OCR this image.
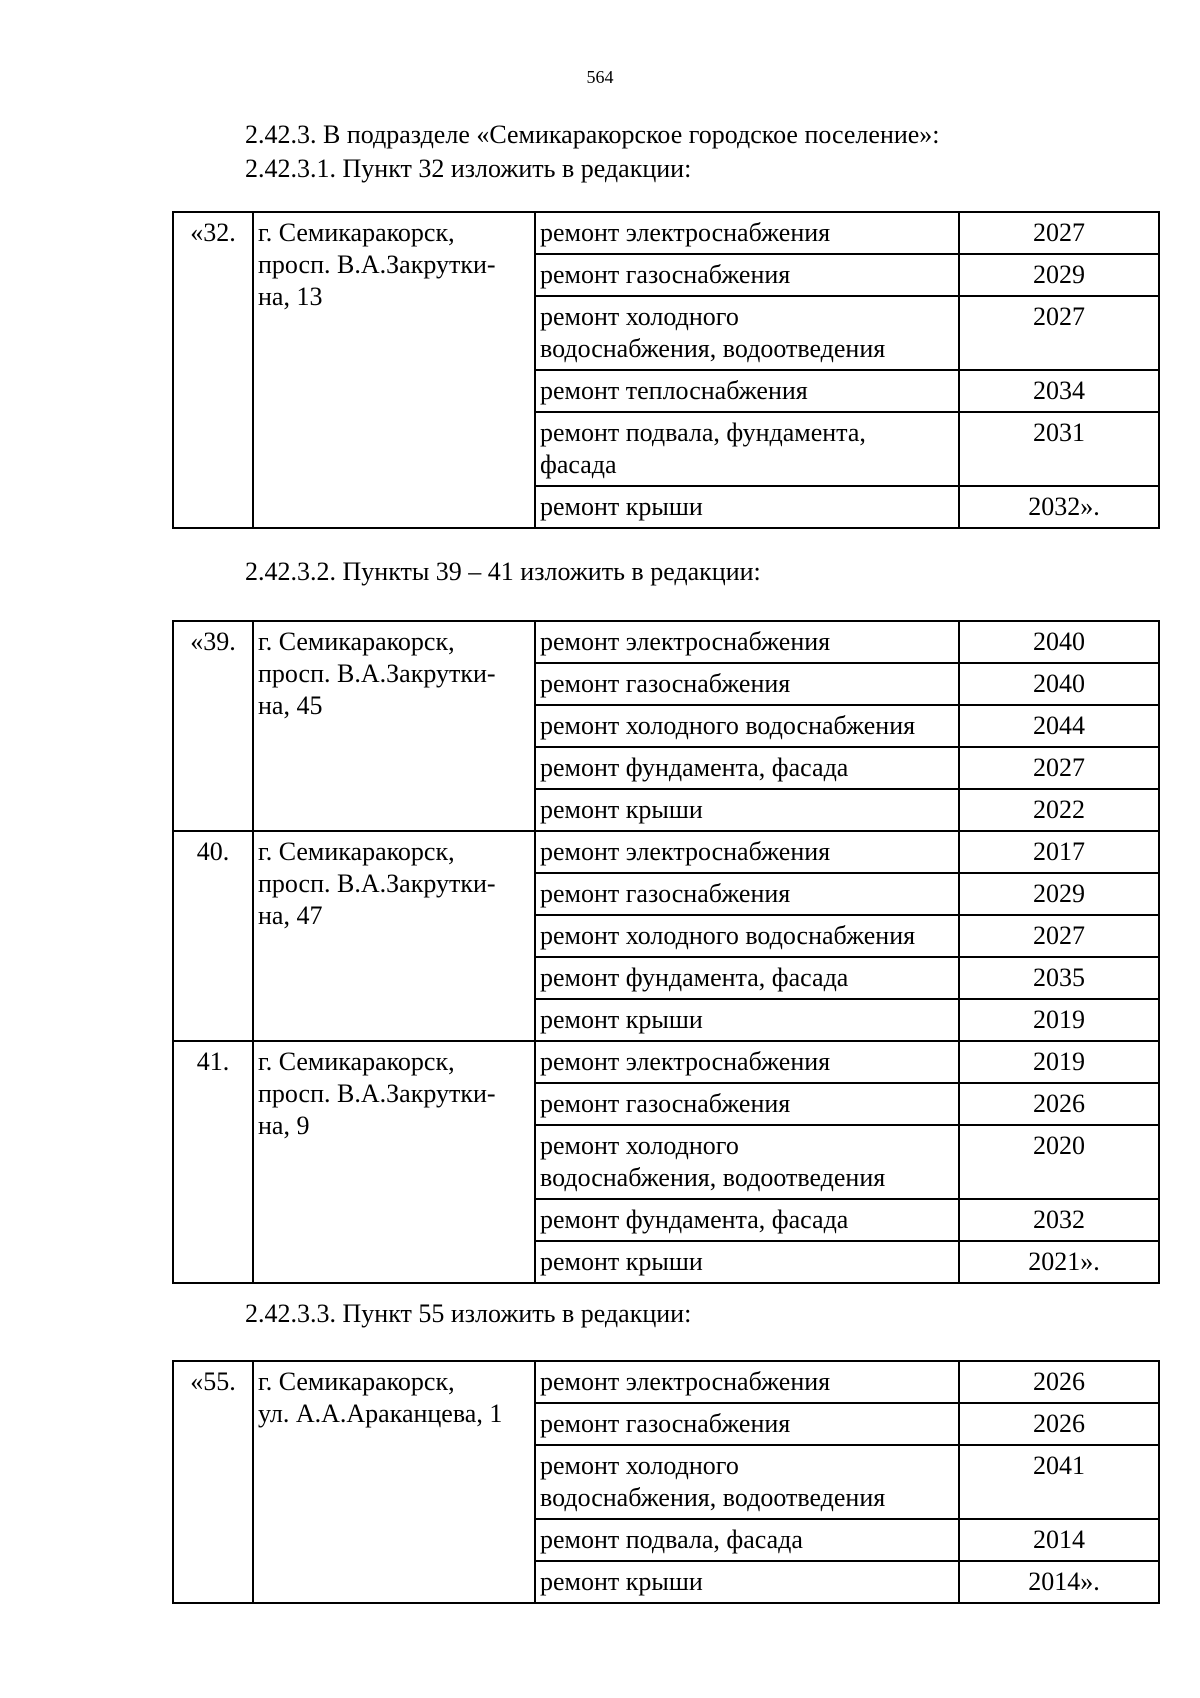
564
2.42.3. В подразделе «Семикаракорское городское поселение»:
2.42.3.1. Пункт 32 изложить в редакции:
«32.	г. Семикаракорск,
просп. В.А.Закрутки-
на, 13	ремонт электроснабжения	2027

		ремонт газоснабжения	2029

		ремонт холодного
водоснабжения, водоотведения	2027

		ремонт теплоснабжения	2034

		ремонт подвала, фундамента,
фасада	2031

		ремонт крыши	2032».
2.42.3.2. Пункты 39 – 41 изложить в редакции:
«39.	г. Семикаракорск,
просп. В.А.Закрутки-
на, 45	ремонт электроснабжения	2040

		ремонт газоснабжения	2040

		ремонт холодного водоснабжения	2044

		ремонт фундамента, фасада	2027

		ремонт крыши	2022
40.	г. Семикаракорск,
просп. В.А.Закрутки-
на, 47	ремонт электроснабжения	2017

		ремонт газоснабжения	2029

		ремонт холодного водоснабжения	2027

		ремонт фундамента, фасада	2035

		ремонт крыши	2019
41.	г. Семикаракорск,
просп. В.А.Закрутки-
на, 9	ремонт электроснабжения	2019

		ремонт газоснабжения	2026

		ремонт холодного
водоснабжения, водоотведения	2020

		ремонт фундамента, фасада	2032

		ремонт крыши	2021».
2.42.3.3. Пункт 55 изложить в редакции:
«55.	г. Семикаракорск,
ул. А.А.Араканцева, 1	ремонт электроснабжения	2026

		ремонт газоснабжения	2026

		ремонт холодного
водоснабжения, водоотведения	2041

		ремонт подвала, фасада	2014

		ремонт крыши	2014».
